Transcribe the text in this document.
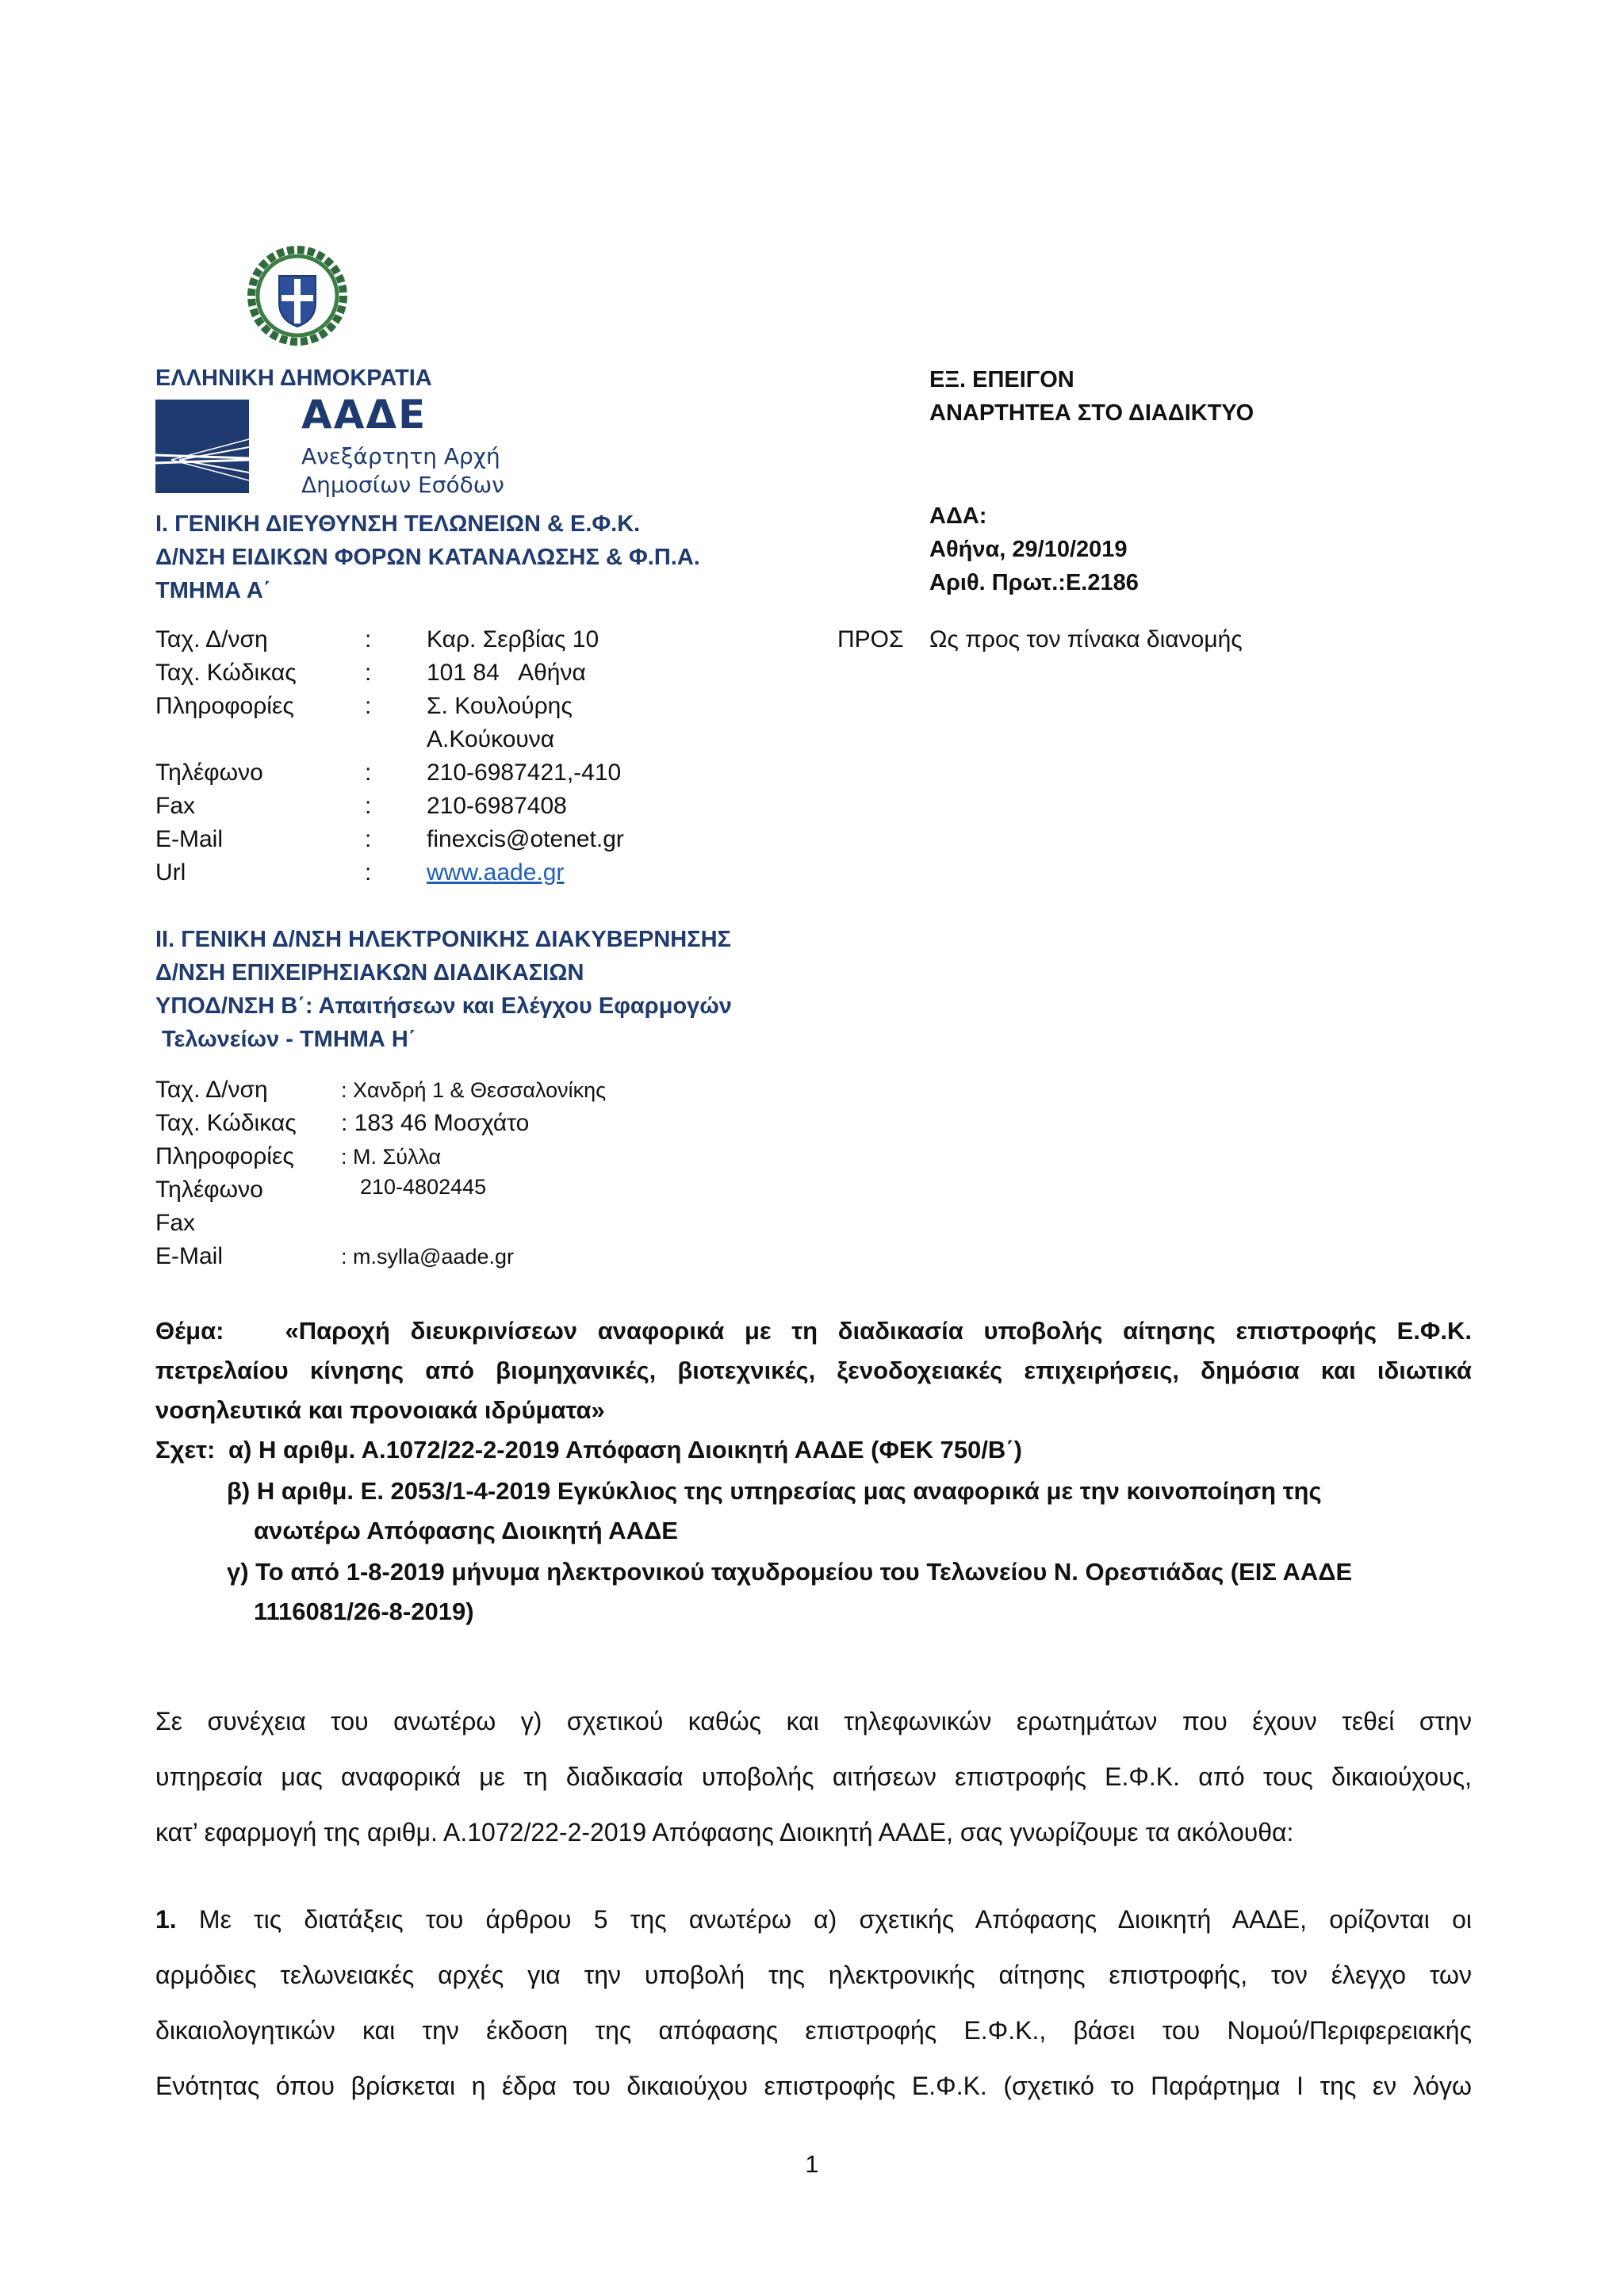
ΕΛΛΗΝΙΚΗ ΔΗΜΟΚΡΑΤΙΑ
ΑΑΔΕ
Ανεξάρτητη Αρχή
Δημοσίων Εσόδων
Ι. ΓΕΝΙΚΗ ΔΙΕΥΘΥΝΣΗ ΤΕΛΩΝΕΙΩΝ & Ε.Φ.Κ.
Δ/ΝΣΗ ΕΙΔΙΚΩΝ ΦΟΡΩΝ ΚΑΤΑΝΑΛΩΣΗΣ & Φ.Π.Α.
ΤΜΗΜΑ Α΄
ΕΞ. ΕΠΕΙΓΟΝ
ΑΝΑΡΤΗΤΕΑ ΣΤΟ ΔΙΑΔΙΚΤΥΟ
ΑΔΑ:
Αθήνα, 29/10/2019
Αριθ. Πρωτ.:Ε.2186
ΠΡΟΣ Ως προς τον πίνακα διανομής
Ταχ. Δ/νση	: Καρ. Σερβίας 10
Ταχ. Κώδικας	: 101 84   Αθήνα
Πληροφορίες	: Σ. Κουλούρης
Α.Κούκουνα
Τηλέφωνο	: 210-6987421,-410
Fax	: 210-6987408
E-Mail	: finexcis@otenet.gr
Url	: www.aade.gr
ΙΙ. ΓΕΝΙΚΗ Δ/ΝΣΗ ΗΛΕΚΤΡΟΝΙΚΗΣ ΔΙΑΚΥΒΕΡΝΗΣΗΣ
Δ/ΝΣΗ ΕΠΙΧΕΙΡΗΣΙΑΚΩΝ ΔΙΑΔΙΚΑΣΙΩΝ
ΥΠΟΔ/ΝΣΗ Β΄: Απαιτήσεων και Ελέγχου Εφαρμογών
Τελωνείων - ΤΜΗΜΑ Η΄
Ταχ. Δ/νση	: Χανδρή 1 & Θεσσαλονίκης
Ταχ. Κώδικας : 183 46 Μοσχάτο
Πληροφορίες : Μ. Σύλλα
Τηλέφωνο	210-4802445
Fax
E-Mail	: m.sylla@aade.gr
Θέμα: «Παροχή διευκρινίσεων αναφορικά με τη διαδικασία υποβολής αίτησης επιστροφής Ε.Φ.Κ.
πετρελαίου κίνησης από βιομηχανικές, βιοτεχνικές, ξενοδοχειακές επιχειρήσεις, δημόσια και ιδιωτικά
νοσηλευτικά και προνοιακά ιδρύματα»
Σχετ: α) Η αριθμ. Α.1072/22-2-2019 Απόφαση Διοικητή ΑΑΔΕ (ΦΕΚ 750/Β΄)
β) Η αριθμ. Ε. 2053/1-4-2019 Εγκύκλιος της υπηρεσίας μας αναφορικά με την κοινοποίηση της
ανωτέρω Απόφασης Διοικητή ΑΑΔΕ
γ) Το από 1-8-2019 μήνυμα ηλεκτρονικού ταχυδρομείου του Τελωνείου Ν. Ορεστιάδας (ΕΙΣ ΑΑΔΕ
1116081/26-8-2019)
Σε συνέχεια του ανωτέρω γ) σχετικού καθώς και τηλεφωνικών ερωτημάτων που έχουν τεθεί στην
υπηρεσία μας αναφορικά με τη διαδικασία υποβολής αιτήσεων επιστροφής Ε.Φ.Κ. από τους δικαιούχους,
κατ’ εφαρμογή της αριθμ. Α.1072/22-2-2019 Απόφασης Διοικητή ΑΑΔΕ, σας γνωρίζουμε τα ακόλουθα:
1. Με τις διατάξεις του άρθρου 5 της ανωτέρω α) σχετικής Απόφασης Διοικητή ΑΑΔΕ, ορίζονται οι
αρμόδιες τελωνειακές αρχές για την υποβολή της ηλεκτρονικής αίτησης επιστροφής, τον έλεγχο των
δικαιολογητικών και την έκδοση της απόφασης επιστροφής Ε.Φ.Κ., βάσει του Νομού/Περιφερειακής
Ενότητας όπου βρίσκεται η έδρα του δικαιούχου επιστροφής Ε.Φ.Κ. (σχετικό το Παράρτημα Ι της εν λόγω
1
